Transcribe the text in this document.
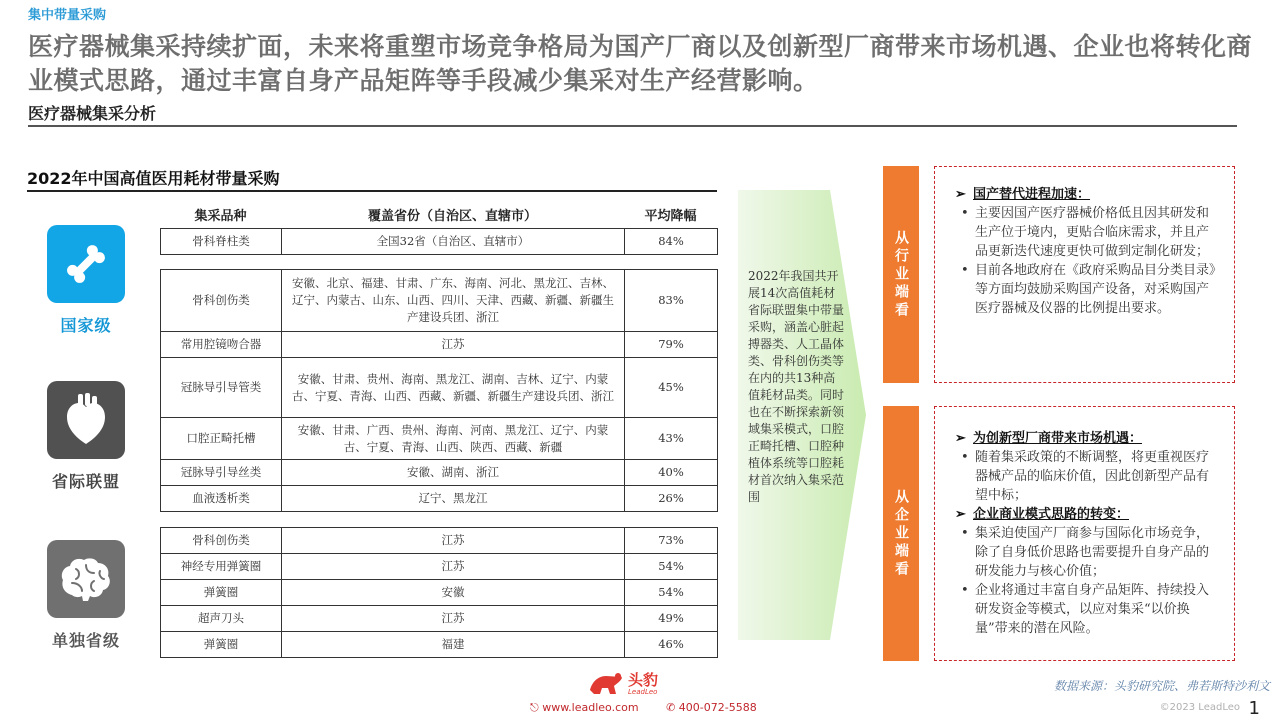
集中带量采购
医疗器械集采持续扩面，未来将重塑市场竞争格局为国产厂商以及创新型厂商带来市场机遇、企业也将转化商业模式思路，通过丰富自身产品矩阵等手段减少集采对生产经营影响。
医疗器械集采分析
2022年中国高值医用耗材带量采购
国家级
省际联盟
单独省级
集采品种	覆盖省份（自治区、直辖市）	平均降幅
骨科脊柱类	全国32省（自治区、直辖市）	84%
骨科创伤类	安徽、北京、福建、甘肃、广东、海南、河北、黑龙江、吉林、辽宁、内蒙古、山东、山西、四川、天津、西藏、新疆、新疆生产建设兵团、浙江	83%
常用腔镜吻合器	江苏	79%
冠脉导引导管类	安徽、甘肃、贵州、海南、黑龙江、湖南、吉林、辽宁、内蒙古、宁夏、青海、山西、西藏、新疆、新疆生产建设兵团、浙江	45%
口腔正畸托槽	安徽、甘肃、广西、贵州、海南、河南、黑龙江、辽宁、内蒙古、宁夏、青海、山西、陕西、西藏、新疆	43%
冠脉导引导丝类	安徽、湖南、浙江	40%
血液透析类	辽宁、黑龙江	26%
骨科创伤类	江苏	73%
神经专用弹簧圈	江苏	54%
弹簧圈	安徽	54%
超声刀头	江苏	49%
弹簧圈	福建	46%
2022年我国共开展14次高值耗材省际联盟集中带量采购，涵盖心脏起搏器类、人工晶体类、骨科创伤类等在内的共13种高值耗材品类。同时也在不断探索新领域集采模式，口腔正畸托槽、口腔种植体系统等口腔耗材首次纳入集采范围
从行业端看
➢ 国产替代进程加速：
• 主要因国产医疗器械价格低且因其研发和生产位于境内，更贴合临床需求，并且产品更新迭代速度更快可做到定制化研发；
• 目前各地政府在《政府采购品目分类目录》等方面均鼓励采购国产设备，对采购国产医疗器械及仪器的比例提出要求。
从企业端看
➢ 为创新型厂商带来市场机遇：
• 随着集采政策的不断调整，将更重视医疗器械产品的临床价值，因此创新型产品有望中标；
➢ 企业商业模式思路的转变：
• 集采迫使国产厂商参与国际化市场竞争，除了自身低价思路也需要提升自身产品的研发能力与核心价值；
• 企业将通过丰富自身产品矩阵、持续投入研发资金等模式，以应对集采“以价换量”带来的潜在风险。
数据来源：头豹研究院、弗若斯特沙利文
头豹
LeadLeo
⎋ www.leadleo.com	✆ 400-072-5588	©2023 LeadLeo 1
